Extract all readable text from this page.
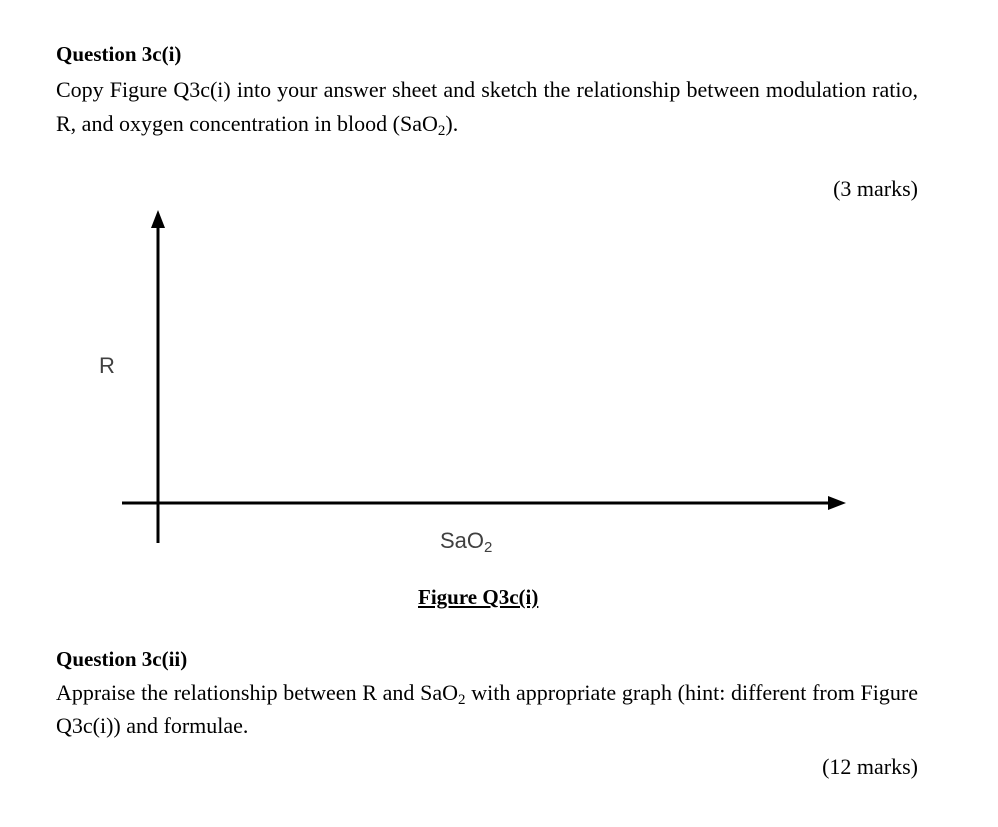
Question 3c(i)
Copy Figure Q3c(i) into your answer sheet and sketch the relationship between modulation ratio, R, and oxygen concentration in blood (SaO2).
(3 marks)
R
SaO2
Figure Q3c(i)
Question 3c(ii)
Appraise the relationship between R and SaO2 with appropriate graph (hint: different from Figure Q3c(i)) and formulae.
(12 marks)
